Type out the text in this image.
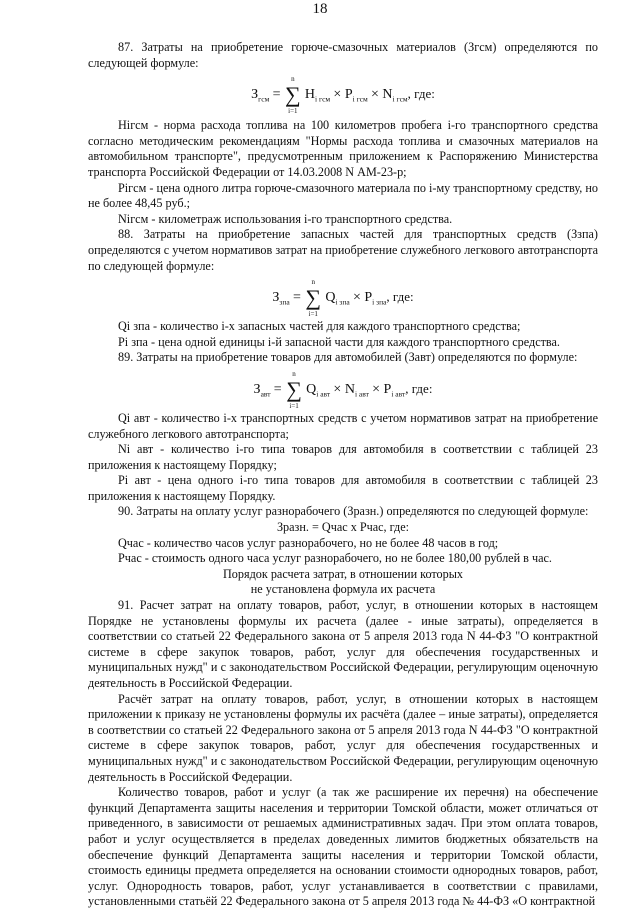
18

87. Затраты на приобретение горюче-смазочных материалов (Згсм) определяются по следующей формуле:

$З_{гсм}$ =
n
∑
i=1
$Н_{i гсм} \times Р_{i гсм} \times N_{i гсм}$, где:

Нiгсм - норма расхода топлива на 100 километров пробега i-го транспортного средства согласно методическим рекомендациям "Нормы расхода топлива и смазочных материалов на автомобильном транспорте", предусмотренным приложением к Распоряжению Министерства транспорта Российской Федерации от 14.03.2008 N АМ-23-р;

Piгсм - цена одного литра горюче-смазочного материала по i-му транспортному средству, но не более 48,45 руб.;

Niгсм - километраж использования i-го транспортного средства.

88. Затраты на приобретение запасных частей для транспортных средств (Ззпа) определяются с учетом нормативов затрат на приобретение служебного легкового автотранспорта по следующей формуле:

$З_{зпа}$ =
n
∑
i=1
$Q_{i зпа} \times P_{i зпа}$, где:

Qi зпа - количество i-х запасных частей для каждого транспортного средства;

Pi зпа - цена одной единицы i-й запасной части для каждого транспортного средства.

89. Затраты на приобретение товаров для автомобилей (Завт) определяются по формуле:

$З_{авт}$ =
n
∑
i=1
$Q_{i авт} \times N_{i авт} \times P_{i авт}$, где:

Qi авт - количество i-х транспортных средств с учетом нормативов затрат на приобретение служебного легкового автотранспорта;

Ni авт - количество i-го типа товаров для автомобиля в соответствии с таблицей 23 приложения к настоящему Порядку;

Pi авт - цена одного i-го типа товаров для автомобиля в соответствии с таблицей 23 приложения к настоящему Порядку.

90. Затраты на оплату услуг разнорабочего (Зразн.) определяются по следующей формуле:

Зразн. = Qчас x Pчас, где:

Qчас - количество часов услуг разнорабочего, но не более 48 часов в год;

Pчас - стоимость одного часа услуг разнорабочего, но не более 180,00 рублей в час.

Порядок расчета затрат, в отношении которых

не установлена формула их расчета

91. Расчет затрат на оплату товаров, работ, услуг, в отношении которых в настоящем Порядке не установлены формулы их расчета (далее - иные затраты), определяется в соответствии со статьей 22 Федерального закона от 5 апреля 2013 года N 44-ФЗ "О контрактной системе в сфере закупок товаров, работ, услуг для обеспечения государственных и муниципальных нужд" и с законодательством Российской Федерации, регулирующим оценочную деятельность в Российской Федерации.

Расчёт затрат на оплату товаров, работ, услуг, в отношении которых в настоящем приложении к приказу не установлены формулы их расчёта (далее – иные затраты), определяется в соответствии со статьей 22 Федерального закона от 5 апреля 2013 года N 44-ФЗ "О контрактной системе в сфере закупок товаров, работ, услуг для обеспечения государственных и муниципальных нужд" и с законодательством Российской Федерации, регулирующим оценочную деятельность в Российской Федерации.

Количество товаров, работ и услуг (а так же расширение их перечня) на обеспечение функций Департамента защиты населения и территории Томской области, может отличаться от приведенного, в зависимости от решаемых административных задач. При этом оплата товаров, работ и услуг осуществляется в пределах доведенных лимитов бюджетных обязательств на обеспечение функций Департамента защиты населения и территории Томской области, стоимость единицы предмета определяется на основании стоимости однородных товаров, работ, услуг. Однородность товаров, работ, услуг устанавливается в соответствии с правилами, установленными статьёй 22 Федерального закона от 5 апреля 2013 года № 44-ФЗ «О контрактной
